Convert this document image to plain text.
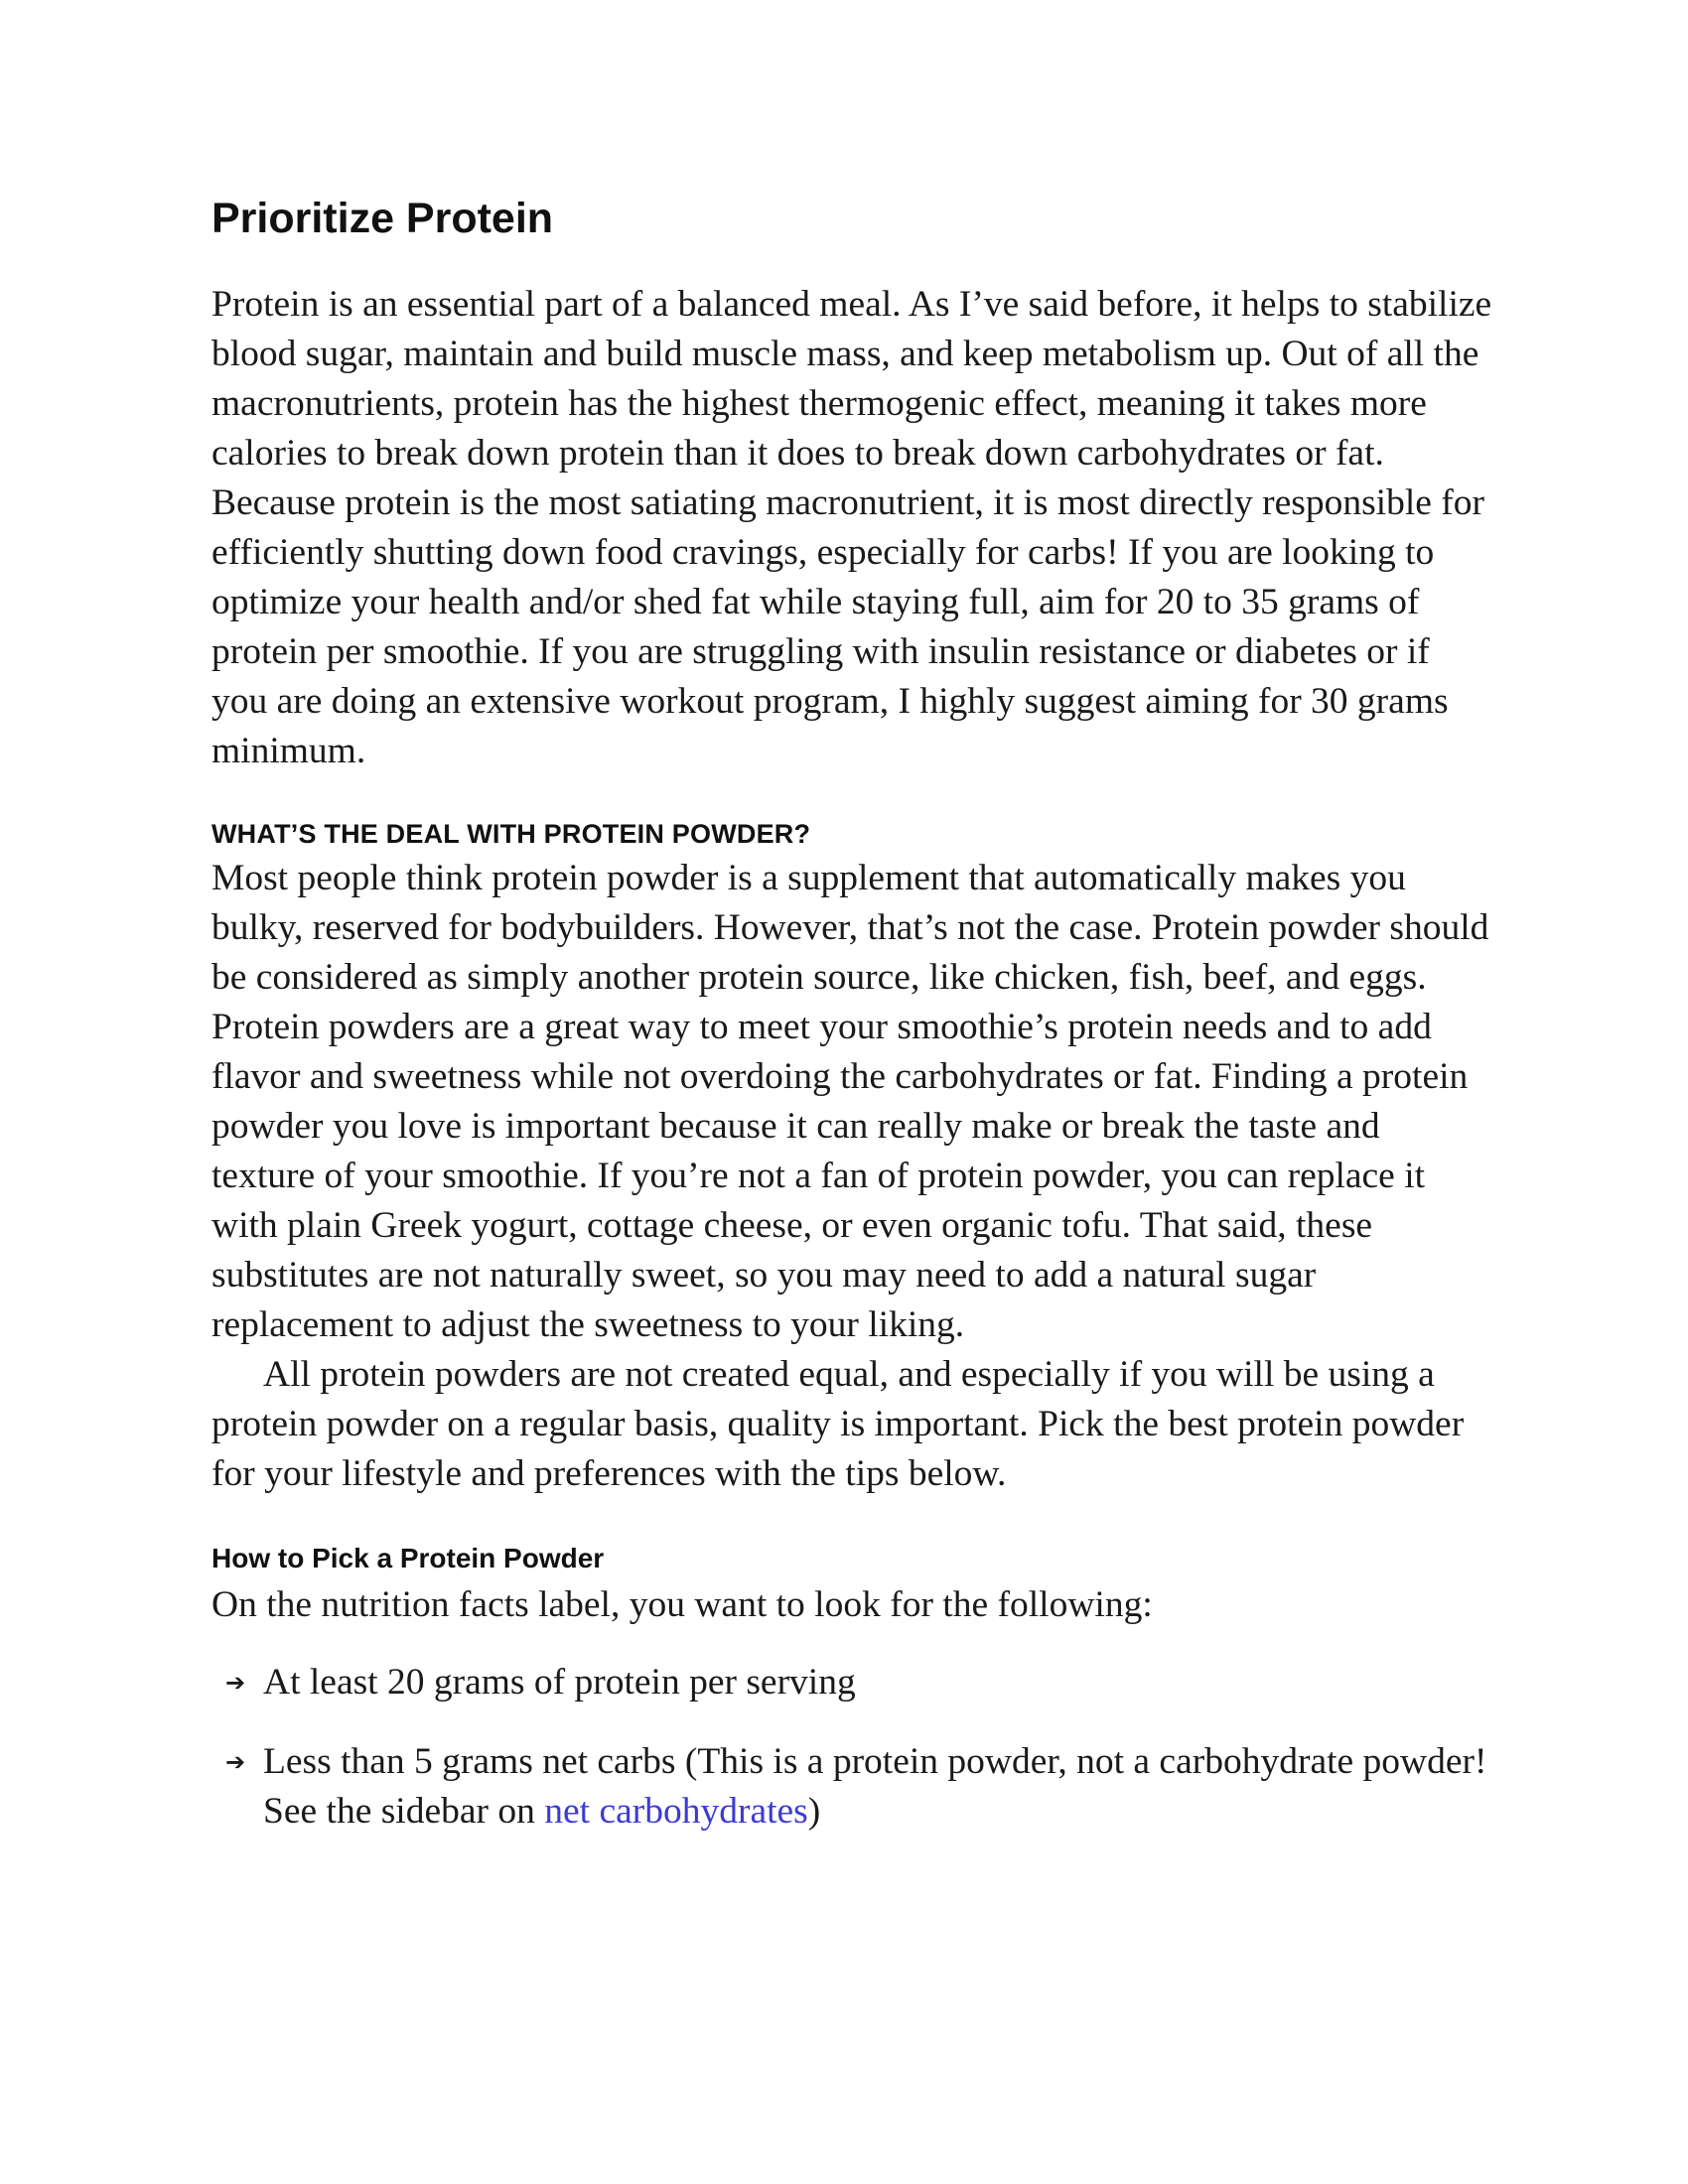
Prioritize Protein

Protein is an essential part of a balanced meal. As I’ve said before, it helps to stabilize blood sugar, maintain and build muscle mass, and keep metabolism up. Out of all the macronutrients, protein has the highest thermogenic effect, meaning it takes more calories to break down protein than it does to break down carbohydrates or fat. Because protein is the most satiating macronutrient, it is most directly responsible for efficiently shutting down food cravings, especially for carbs! If you are looking to optimize your health and/or shed fat while staying full, aim for 20 to 35 grams of protein per smoothie. If you are struggling with insulin resistance or diabetes or if you are doing an extensive workout program, I highly suggest aiming for 30 grams minimum.

WHAT’S THE DEAL WITH PROTEIN POWDER?

Most people think protein powder is a supplement that automatically makes you bulky, reserved for bodybuilders. However, that’s not the case. Protein powder should be considered as simply another protein source, like chicken, fish, beef, and eggs. Protein powders are a great way to meet your smoothie’s protein needs and to add flavor and sweetness while not overdoing the carbohydrates or fat. Finding a protein powder you love is important because it can really make or break the taste and texture of your smoothie. If you’re not a fan of protein powder, you can replace it with plain Greek yogurt, cottage cheese, or even organic tofu. That said, these substitutes are not naturally sweet, so you may need to add a natural sugar replacement to adjust the sweetness to your liking.

All protein powders are not created equal, and especially if you will be using a protein powder on a regular basis, quality is important. Pick the best protein powder for your lifestyle and preferences with the tips below.

How to Pick a Protein Powder

On the nutrition facts label, you want to look for the following:

➔ At least 20 grams of protein per serving
➔ Less than 5 grams net carbs (This is a protein powder, not a carbohydrate powder! See the sidebar on net carbohydrates)
